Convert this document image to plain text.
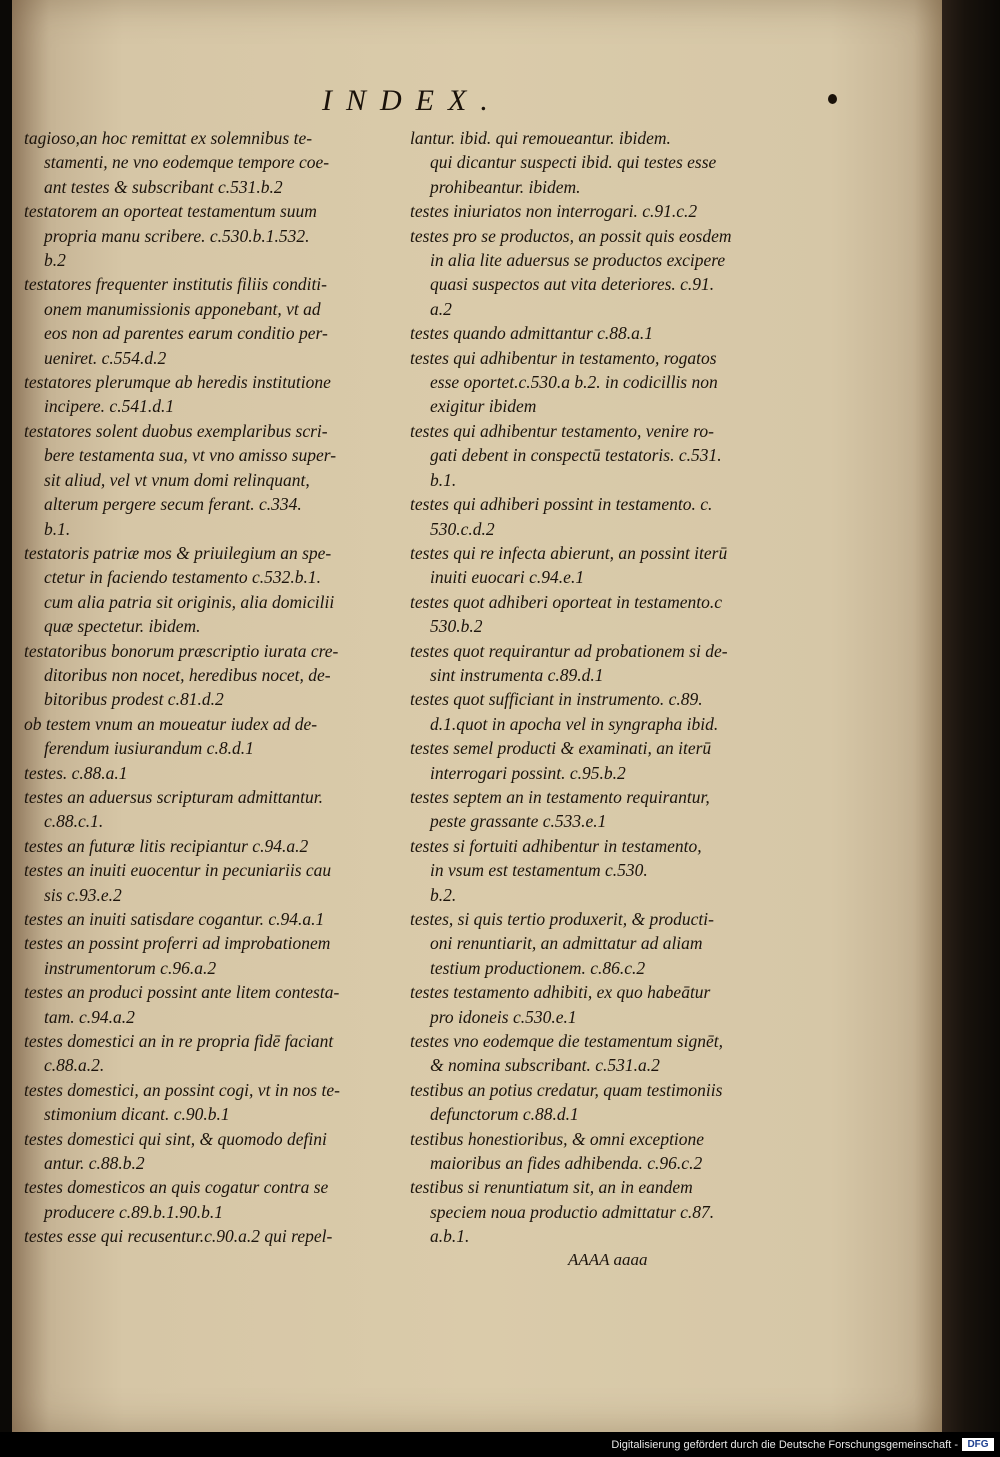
INDEX.
tagioso,an hoc remittat ex solemnibus te-
stamenti, ne vno eodemque tempore coe-
ant testes & subscribant c.531.b.2
testatorem an oporteat testamentum suum
propria manu scribere. c.530.b.1.532.
b.2
testatores frequenter institutis filiis conditi-
onem manumissionis apponebant, vt ad
eos non ad parentes earum conditio per-
ueniret. c.554.d.2
testatores plerumque ab heredis institutione
incipere. c.541.d.1
testatores solent duobus exemplaribus scri-
bere testamenta sua, vt vno amisso super-
sit aliud, vel vt vnum domi relinquant,
alterum pergere secum ferant. c.334.
b.1.
testatoris patriæ mos & priuilegium an spe-
ctetur in faciendo testamento c.532.b.1.
cum alia patria sit originis, alia domicilii
quæ spectetur. ibidem.
testatoribus bonorum præscriptio iurata cre-
ditoribus non nocet, heredibus nocet, de-
bitoribus prodest c.81.d.2
ob testem vnum an moueatur iudex ad de-
ferendum iusiurandum c.8.d.1
testes. c.88.a.1
testes an aduersus scripturam admittantur.
c.88.c.1.
testes an futuræ litis recipiantur c.94.a.2
testes an inuiti euocentur in pecuniariis cau
sis c.93.e.2
testes an inuiti satisdare cogantur. c.94.a.1
testes an possint proferri ad improbationem
instrumentorum c.96.a.2
testes an produci possint ante litem contesta-
tam. c.94.a.2
testes domestici an in re propria fidē faciant
c.88.a.2.
testes domestici, an possint cogi, vt in nos te-
stimonium dicant. c.90.b.1
testes domestici qui sint, & quomodo defini
antur. c.88.b.2
testes domesticos an quis cogatur contra se
producere c.89.b.1.90.b.1
testes esse qui recusentur.c.90.a.2 qui repel-
lantur. ibid. qui remoueantur. ibidem.
qui dicantur suspecti ibid. qui testes esse
prohibeantur. ibidem.
testes iniuriatos non interrogari. c.91.c.2
testes pro se productos, an possit quis eosdem
in alia lite aduersus se productos excipere
quasi suspectos aut vita deteriores. c.91.
a.2
testes quando admittantur c.88.a.1
testes qui adhibentur in testamento, rogatos
esse oportet.c.530.a b.2. in codicillis non
exigitur ibidem
testes qui adhibentur testamento, venire ro-
gati debent in conspectū testatoris. c.531.
b.1.
testes qui adhiberi possint in testamento. c.
530.c.d.2
testes qui re infecta abierunt, an possint iterū
inuiti euocari c.94.e.1
testes quot adhiberi oporteat in testamento.c
530.b.2
testes quot requirantur ad probationem si de-
sint instrumenta c.89.d.1
testes quot sufficiant in instrumento. c.89.
d.1.quot in apocha vel in syngrapha ibid.
testes semel producti & examinati, an iterū
interrogari possint. c.95.b.2
testes septem an in testamento requirantur,
peste grassante c.533.e.1
testes si fortuiti adhibentur in testamento,
in vsum est testamentum c.530.
b.2.
testes, si quis tertio produxerit, & producti-
oni renuntiarit, an admittatur ad aliam
testium productionem. c.86.c.2
testes testamento adhibiti, ex quo habeātur
pro idoneis c.530.e.1
testes vno eodemque die testamentum signēt,
& nomina subscribant. c.531.a.2
testibus an potius credatur, quam testimoniis
defunctorum c.88.d.1
testibus honestioribus, & omni exceptione
maioribus an fides adhibenda. c.96.c.2
testibus si renuntiatum sit, an in eandem
speciem noua productio admittatur c.87.
a.b.1.
AAAA aaaa
Digitalisierung gefördert durch die Deutsche Forschungsgemeinschaft - DFG
